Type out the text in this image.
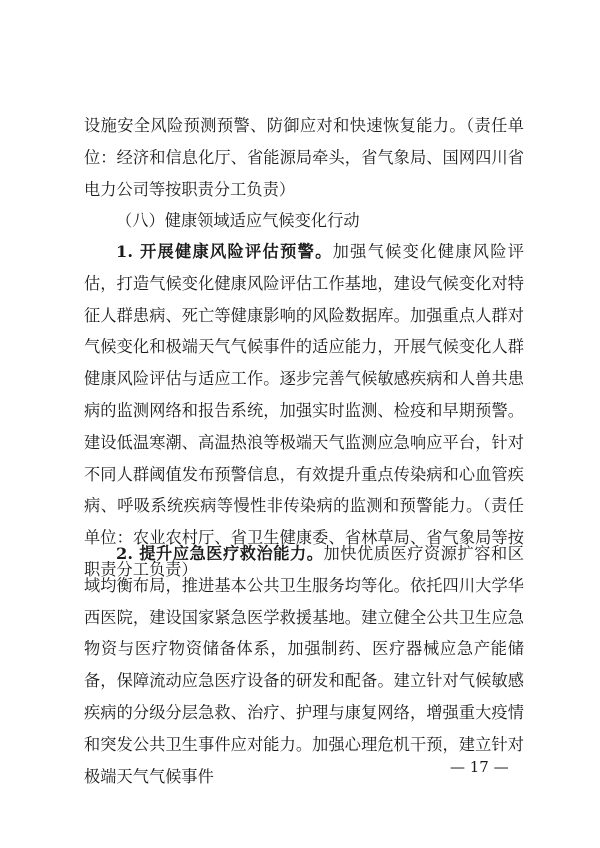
设施安全风险预测预警、防御应对和快速恢复能力。（责任单位：经济和信息化厅、省能源局牵头，省气象局、国网四川省电力公司等按职责分工负责）

（八）健康领域适应气候变化行动

1. 开展健康风险评估预警。加强气候变化健康风险评估，打造气候变化健康风险评估工作基地，建设气候变化对特征人群患病、死亡等健康影响的风险数据库。加强重点人群对气候变化和极端天气气候事件的适应能力，开展气候变化人群健康风险评估与适应工作。逐步完善气候敏感疾病和人兽共患病的监测网络和报告系统，加强实时监测、检疫和早期预警。建设低温寒潮、高温热浪等极端天气监测应急响应平台，针对不同人群阈值发布预警信息，有效提升重点传染病和心血管疾病、呼吸系统疾病等慢性非传染病的监测和预警能力。（责任单位：农业农村厅、省卫生健康委、省林草局、省气象局等按职责分工负责）

2. 提升应急医疗救治能力。加快优质医疗资源扩容和区域均衡布局，推进基本公共卫生服务均等化。依托四川大学华西医院，建设国家紧急医学救援基地。建立健全公共卫生应急物资与医疗物资储备体系，加强制药、医疗器械应急产能储备，保障流动应急医疗设备的研发和配备。建立针对气候敏感疾病的分级分层急救、治疗、护理与康复网络，增强重大疫情和突发公共卫生事件应对能力。加强心理危机干预，建立针对极端天气气候事件	— 17 —
